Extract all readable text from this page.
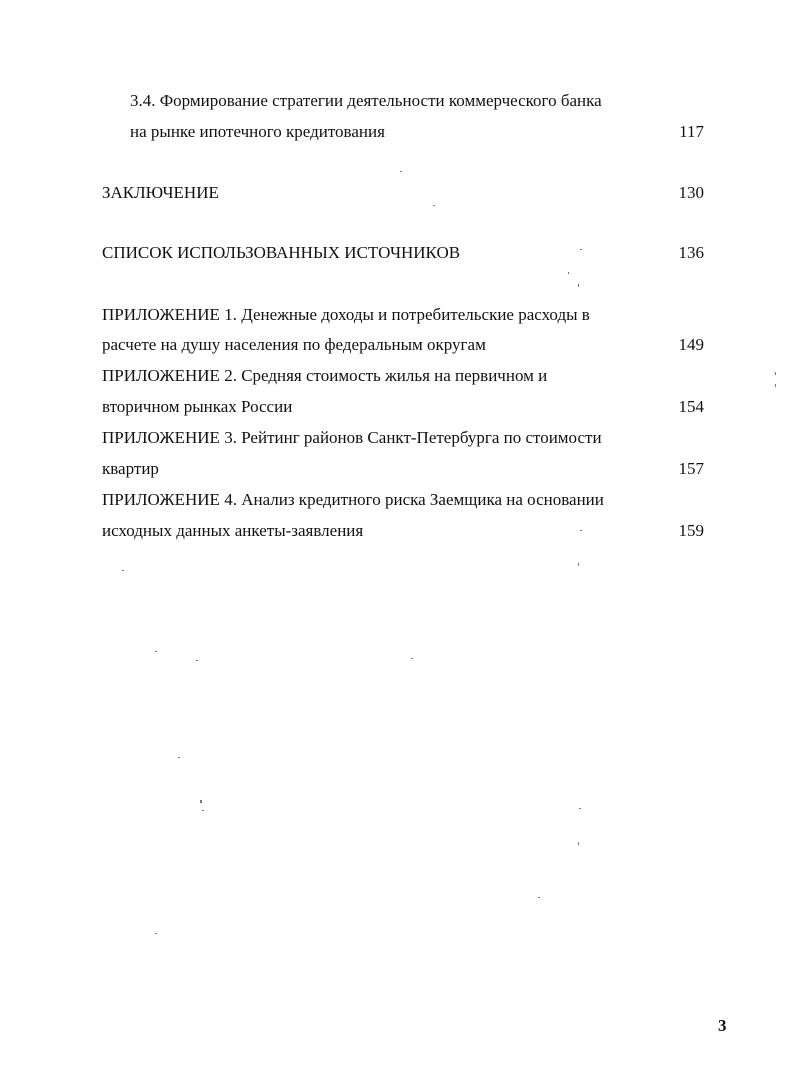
3.4. Формирование стратегии деятельности коммерческого банка
на рынке ипотечного кредитования	117
ЗАКЛЮЧЕНИЕ	130
СПИСОК ИСПОЛЬЗОВАННЫХ ИСТОЧНИКОВ	136
ПРИЛОЖЕНИЕ 1. Денежные доходы и потребительские расходы в
расчете на душу населения по федеральным округам	149
ПРИЛОЖЕНИЕ 2. Средняя стоимость жилья на первичном и
вторичном рынках России	154
ПРИЛОЖЕНИЕ 3. Рейтинг районов Санкт-Петербурга по стоимости
квартир	157
ПРИЛОЖЕНИЕ 4. Анализ кредитного риска Заемщика на основании
исходных данных анкеты-заявления	159
3
